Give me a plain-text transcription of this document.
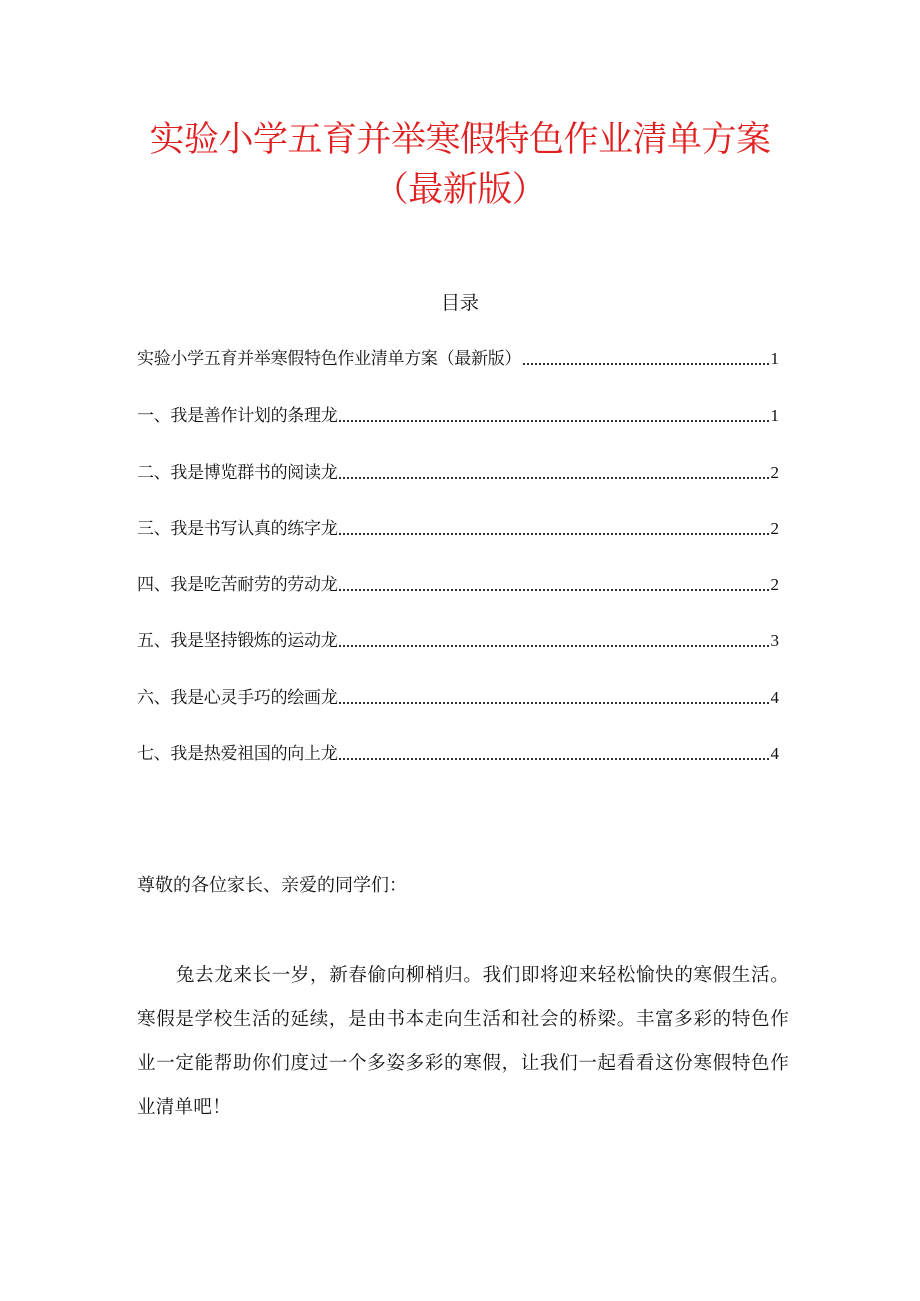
实验小学五育并举寒假特色作业清单方案
（最新版）
目录
实验小学五育并举寒假特色作业清单方案（最新版）	1
一、我是善作计划的条理龙	1
二、我是博览群书的阅读龙	2
三、我是书写认真的练字龙	2
四、我是吃苦耐劳的劳动龙	2
五、我是坚持锻炼的运动龙	3
六、我是心灵手巧的绘画龙	4
七、我是热爱祖国的向上龙	4
尊敬的各位家长、亲爱的同学们：
兔去龙来长一岁，新春偷向柳梢归。我们即将迎来轻松愉快的寒假生活。寒假是学校生活的延续，是由书本走向生活和社会的桥梁。丰富多彩的特色作业一定能帮助你们度过一个多姿多彩的寒假，让我们一起看看这份寒假特色作业清单吧！
